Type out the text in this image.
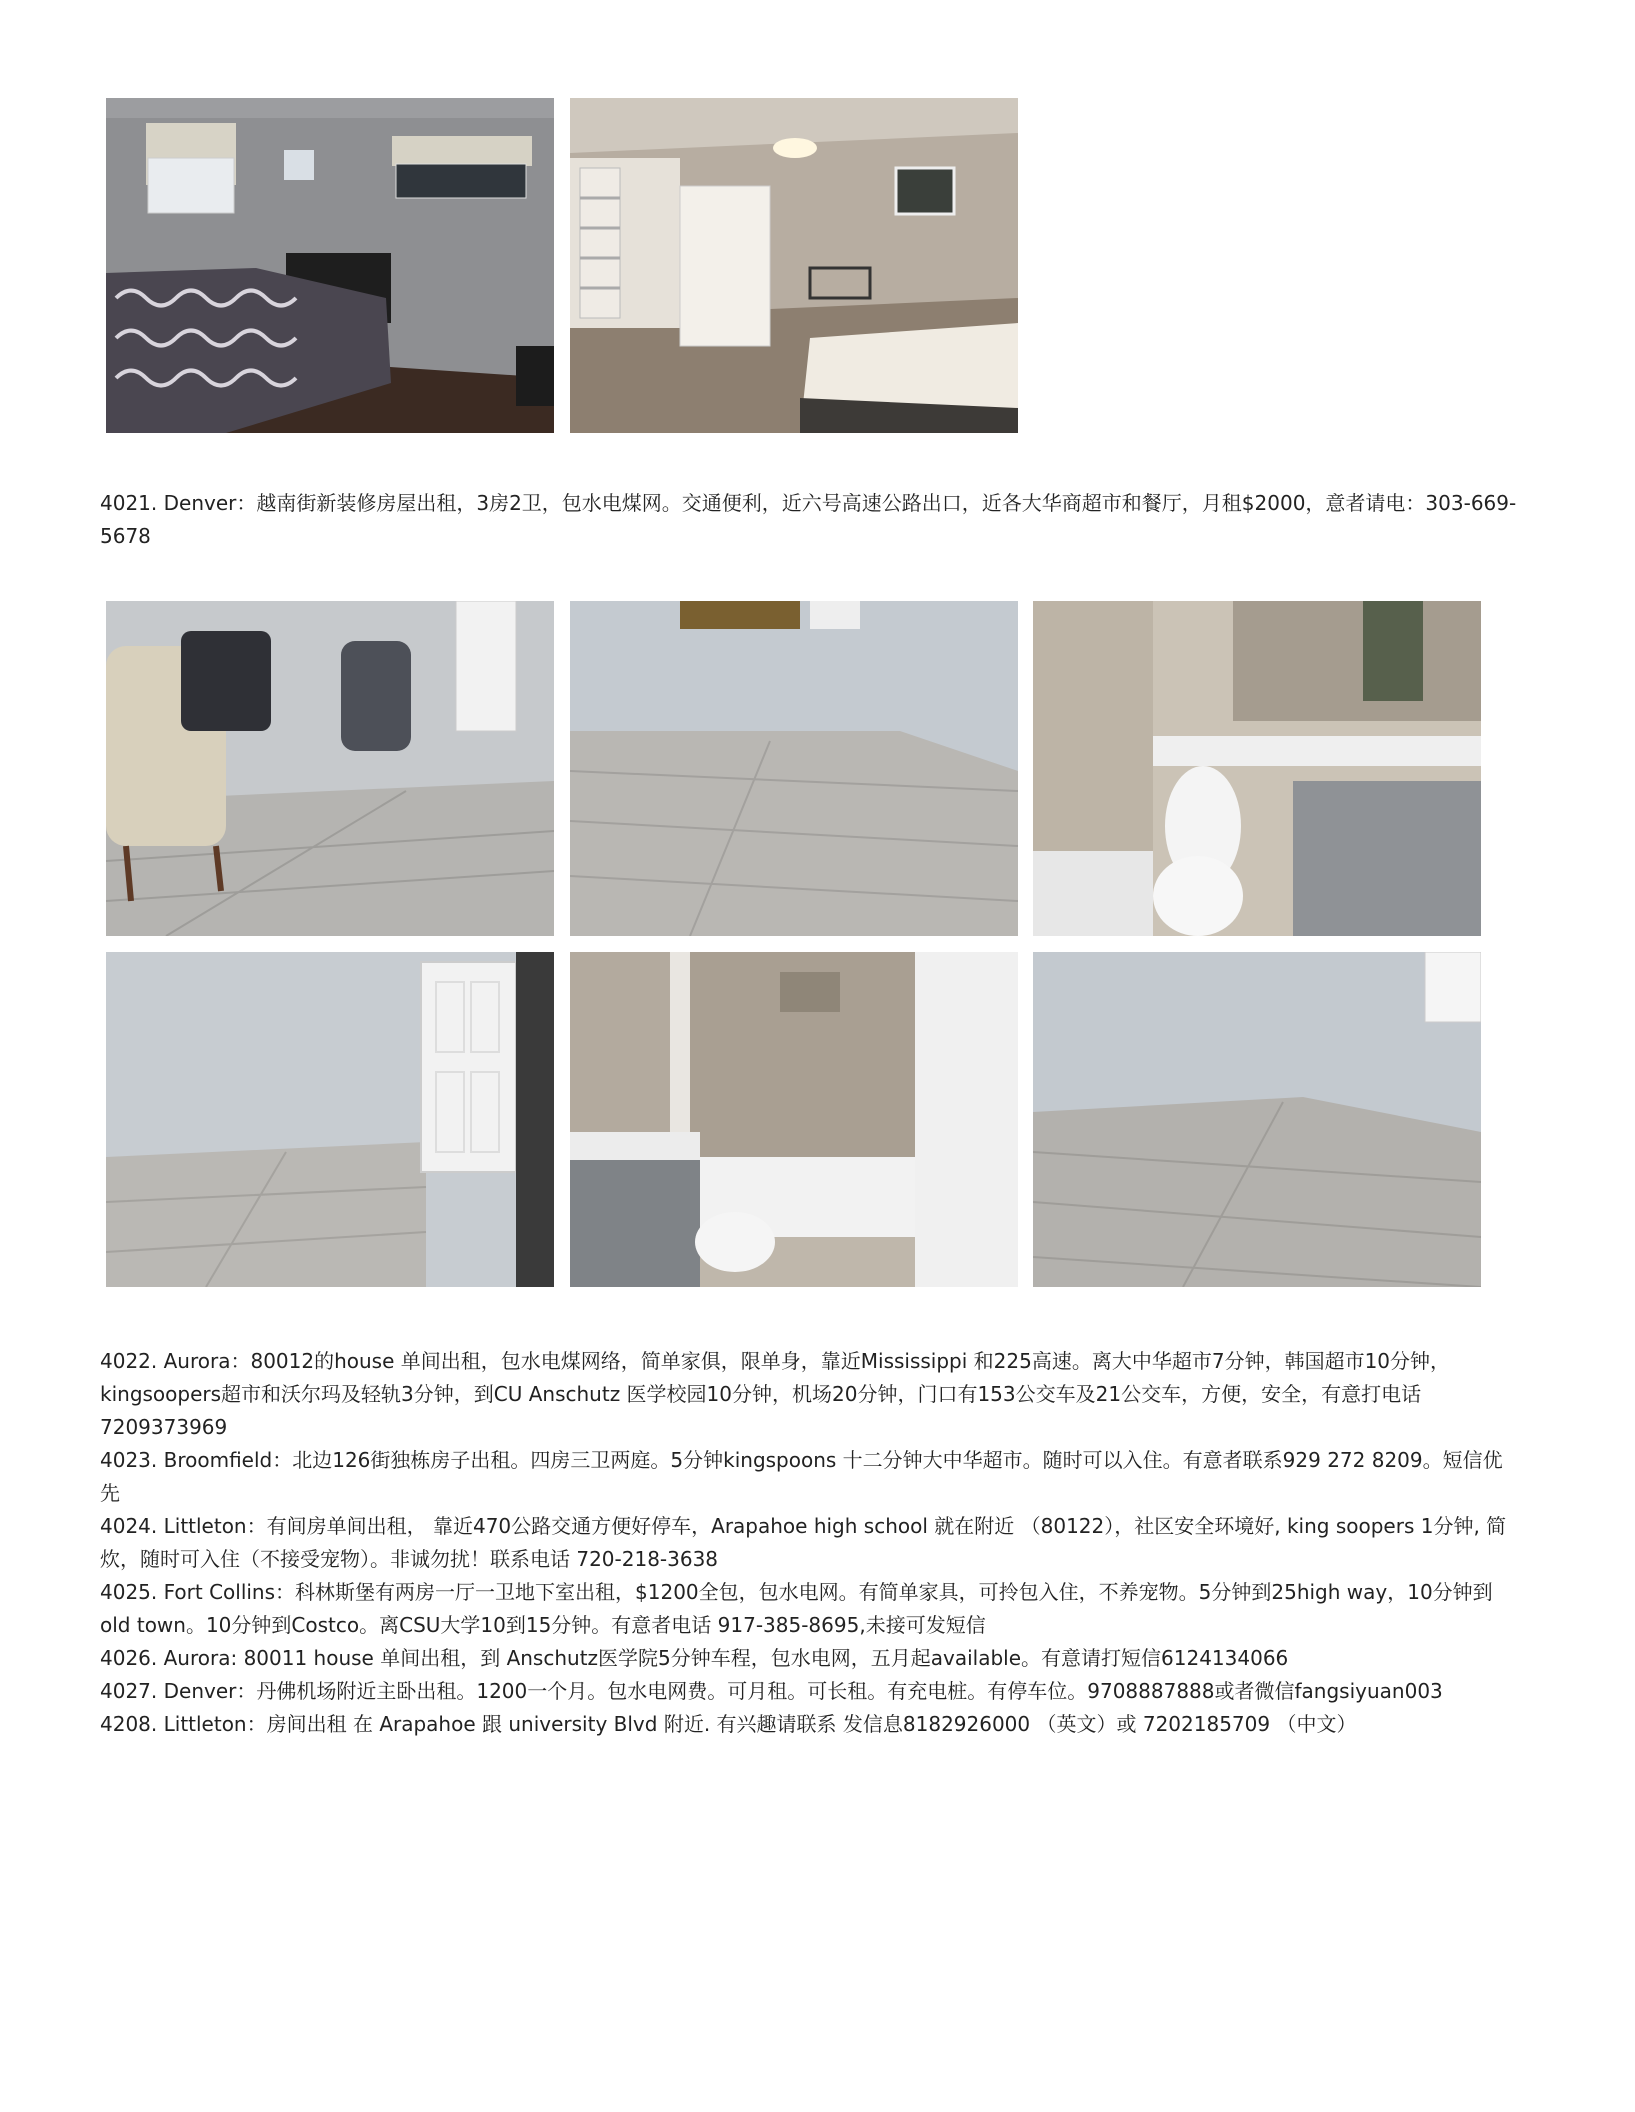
4021. Denver：越南街新装修房屋出租，3房2卫，包水电煤网。交通便利，近六号高速公路出口，近各大华商超市和餐厅，月租$2000，意者请电：303-669-5678

4022. Aurora：80012的house 单间出租，包水电煤网络，简单家俱，限单身，靠近Mississippi 和225高速。离大中华超市7分钟，韩国超市10分钟，kingsoopers超市和沃尔玛及轻轨3分钟，到CU Anschutz 医学校园10分钟，机场20分钟，门口有153公交车及21公交车，方便，安全，有意打电话7209373969

4023. Broomfield：北边126街独栋房子出租。四房三卫两庭。5分钟kingspoons 十二分钟大中华超市。随时可以入住。有意者联系929 272 8209。短信优先

4024. Littleton：有间房单间出租， 靠近470公路交通方便好停车，Arapahoe high school 就在附近 （80122），社区安全环境好, king soopers 1分钟, 简炊，随时可入住（不接受宠物）。非诚勿扰！联系电话 720-218-3638

4025. Fort Collins：科林斯堡有两房一厅一卫地下室出租，$1200全包，包水电网。有简单家具，可拎包入住，不养宠物。5分钟到25high way，10分钟到old town。10分钟到Costco。离CSU大学10到15分钟。有意者电话 917-385-8695,未接可发短信

4026. Aurora: 80011 house 单间出租，到 Anschutz医学院5分钟车程，包水电网，五月起available。有意请打短信6124134066

4027. Denver：丹佛机场附近主卧出租。1200一个月。包水电网费。可月租。可长租。有充电桩。有停车位。9708887888或者微信fangsiyuan003

4208. Littleton：房间出租 在 Arapahoe 跟 university Blvd 附近. 有兴趣请联系 发信息8182926000 （英文）或 7202185709 （中文）
